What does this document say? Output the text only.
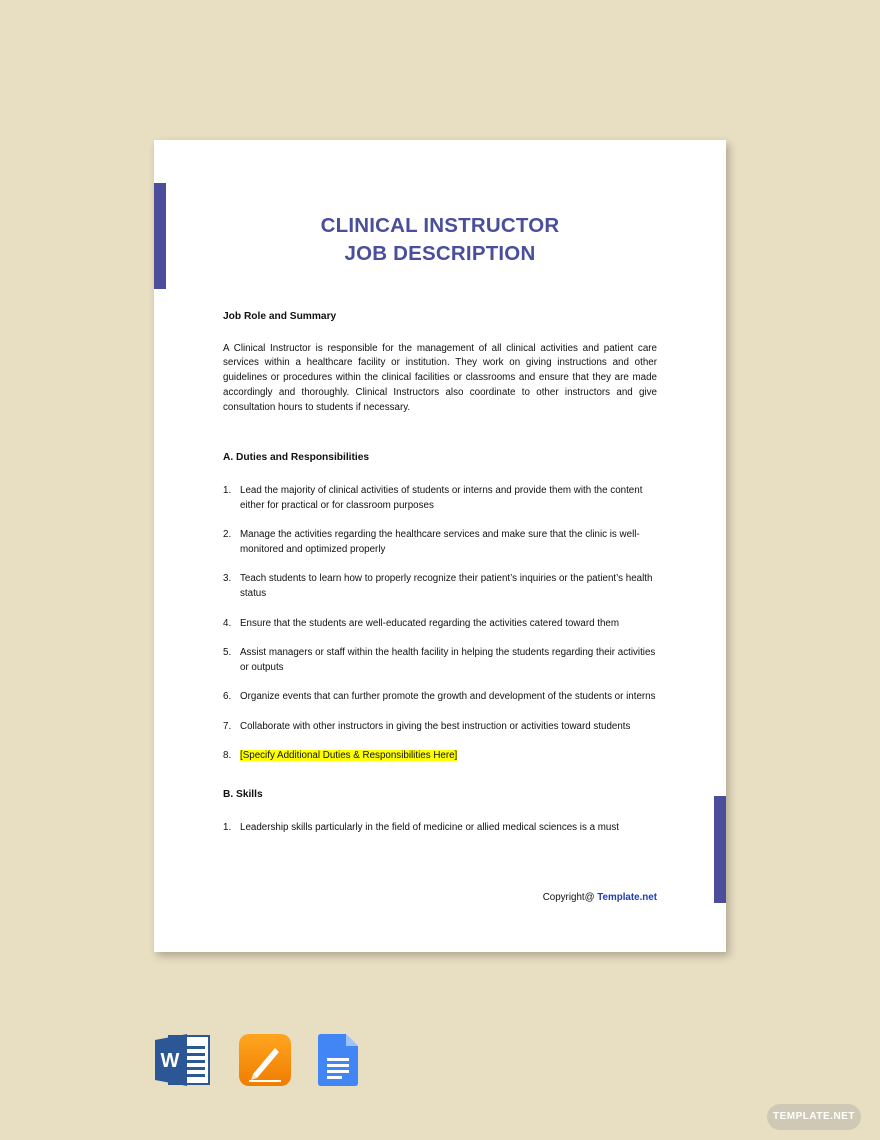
CLINICAL INSTRUCTOR
JOB DESCRIPTION
Job Role and Summary
A Clinical Instructor is responsible for the management of all clinical activities and patient care services within a healthcare facility or institution. They work on giving instructions and other guidelines or procedures within the clinical facilities or classrooms and ensure that they are made accordingly and thoroughly. Clinical Instructors also coordinate to other instructors and give consultation hours to students if necessary.
A. Duties and Responsibilities
1. Lead the majority of clinical activities of students or interns and provide them with the content either for practical or for classroom purposes
2. Manage the activities regarding the healthcare services and make sure that the clinic is well-monitored and optimized properly
3. Teach students to learn how to properly recognize their patient’s inquiries or the patient’s health status
4. Ensure that the students are well-educated regarding the activities catered toward them
5. Assist managers or staff within the health facility in helping the students regarding their activities or outputs
6. Organize events that can further promote the growth and development of the students or interns
7. Collaborate with other instructors in giving the best instruction or activities toward students
8. [Specify Additional Duties & Responsibilities Here]
B. Skills
1. Leadership skills particularly in the field of medicine or allied medical sciences is a must
Copyright@ Template.net
W
TEMPLATE.NET
